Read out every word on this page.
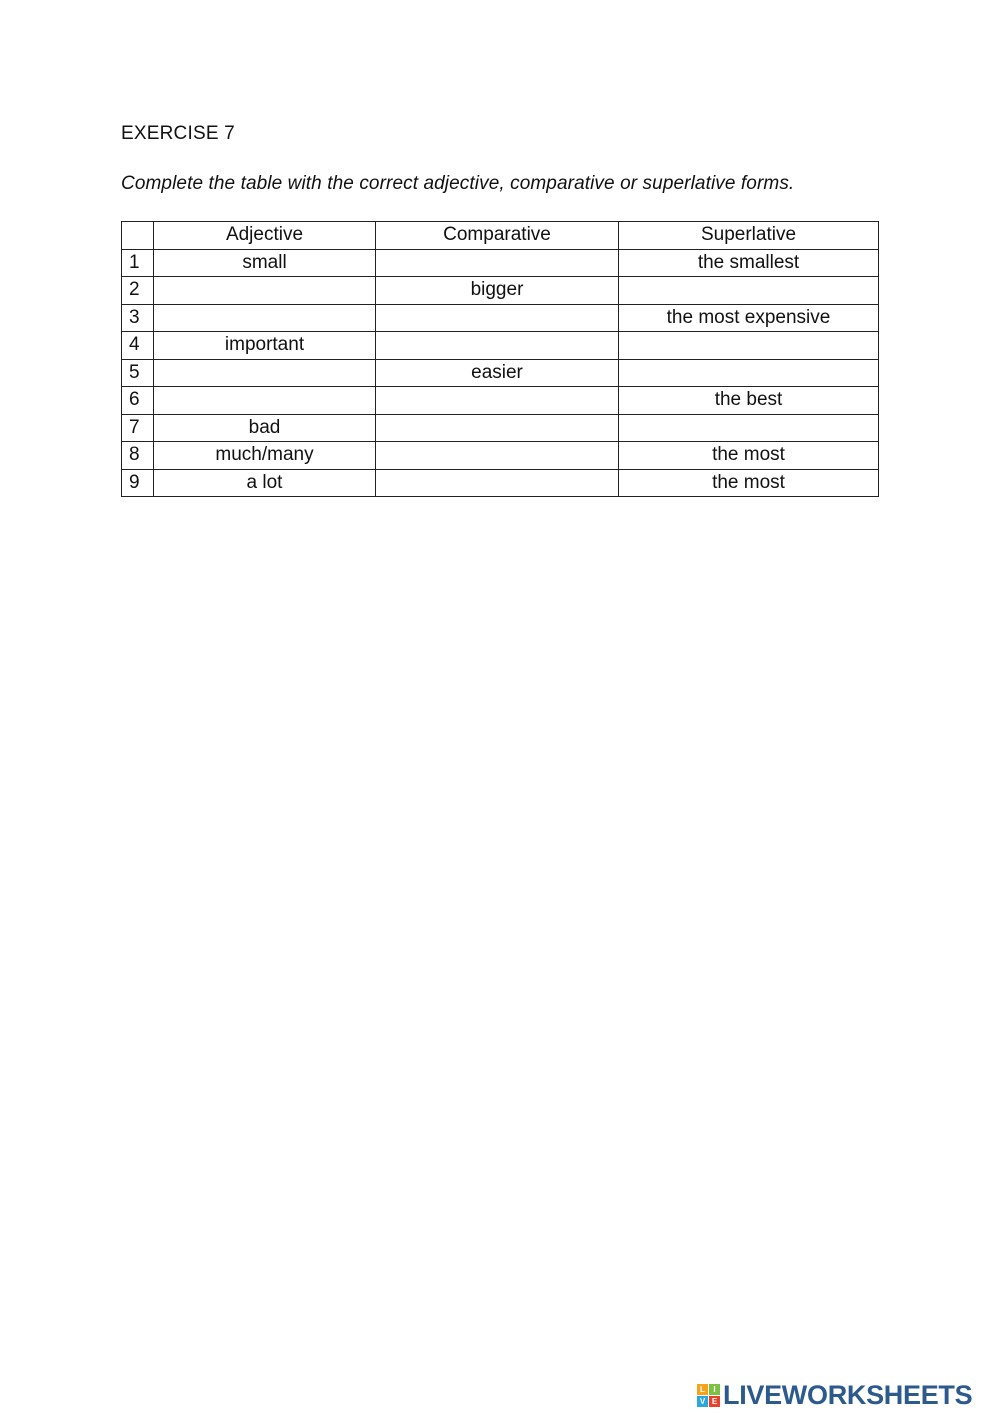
EXERCISE 7
Complete the table with the correct adjective, comparative or superlative forms.
	Adjective	Comparative	Superlative
1	small		the smallest
2		bigger	
3			the most expensive
4	important		
5		easier	
6			the best
7	bad		
8	much/many		the most
9	a lot		the most
L	I
V E LIVEWORKSHEETS
